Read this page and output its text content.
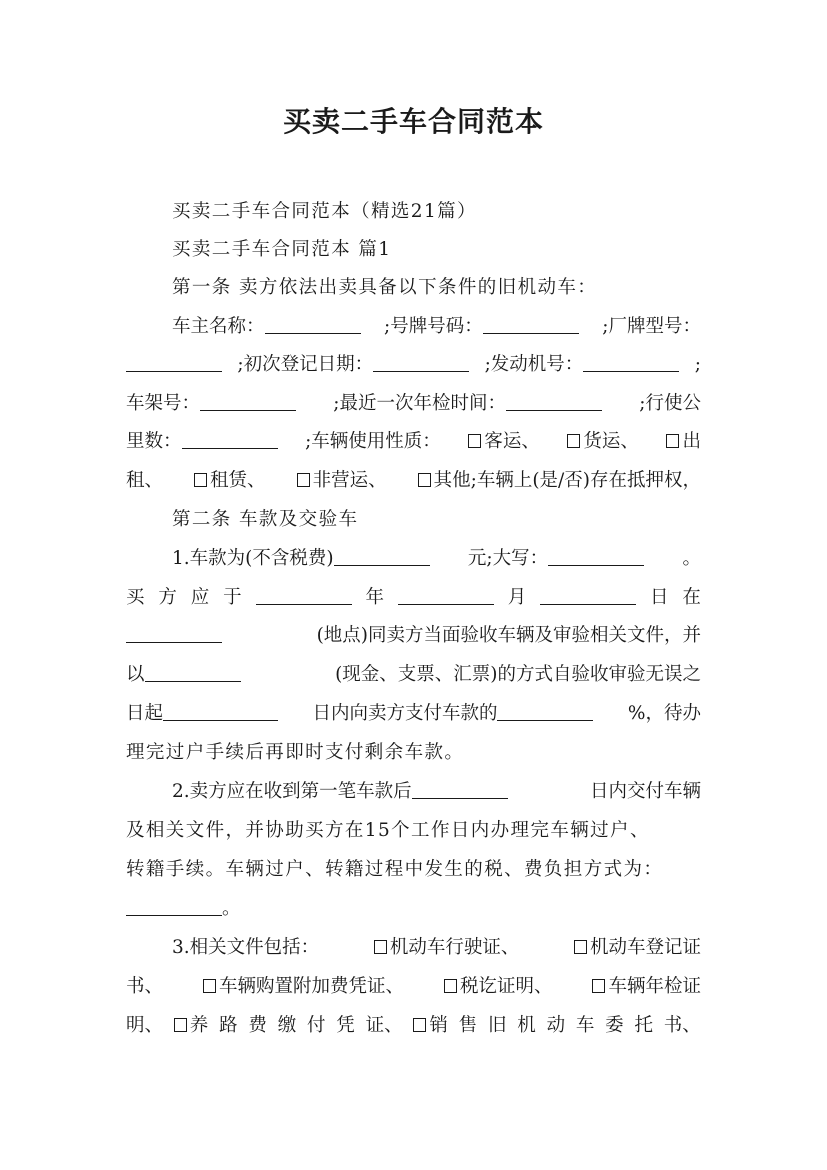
买卖二手车合同范本
买卖二手车合同范本（精选21篇）
买卖二手车合同范本 篇1
第一条 卖方依法出卖具备以下条件的旧机动车：
车主名称：	;号牌号码：	;厂牌型号：
;初次登记日期：	;发动机号：	;
车架号：	;最近一次年检时间：	;行使公
里数：	;车辆使用性质：	客运、	货运、	出
租、	租赁、	非营运、	其他;车辆上(是/否)存在抵押权，
第二条 车款及交验车
1.车款为(不含税费)	元;大写：	。
买 方 应 于	年	月	日 在
(地点)同卖方当面验收车辆及审验相关文件，并
以	(现金、支票、汇票)的方式自验收审验无误之
日起	日内向卖方支付车款的	%，待办
理完过户手续后再即时支付剩余车款。
2.卖方应在收到第一笔车款后	日内交付车辆
及相关文件，并协助买方在15个工作日内办理完车辆过户、
转籍手续。车辆过户、转籍过程中发生的税、费负担方式为：
。
3.相关文件包括：	机动车行驶证、	机动车登记证
书、	车辆购置附加费凭证、	税讫证明、	车辆年检证
明、	养 路 费 缴 付 凭 证、	销 售 旧 机 动 车 委 托 书、
